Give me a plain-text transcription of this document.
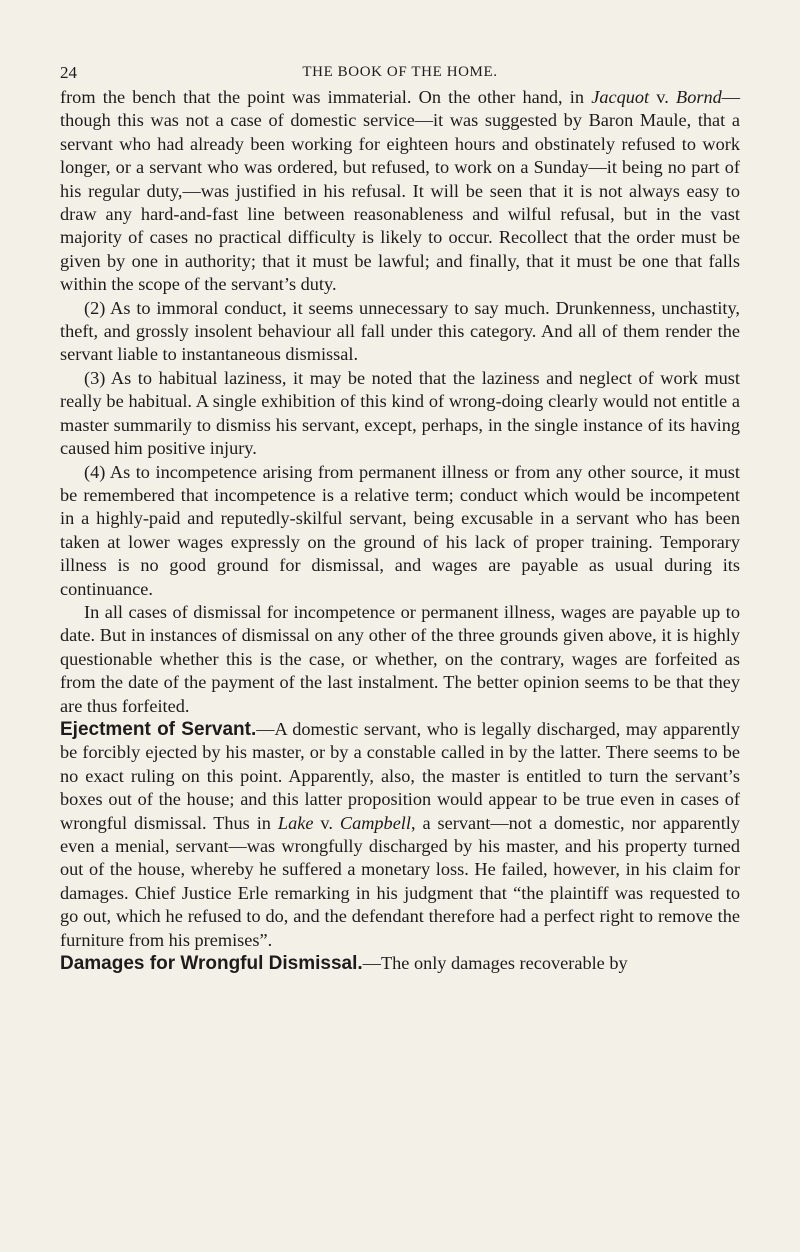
24	THE BOOK OF THE HOME.

from the bench that the point was immaterial. On the other hand, in Jacquot v. Bornd—though this was not a case of domestic service—it was suggested by Baron Maule, that a servant who had already been working for eighteen hours and obstinately refused to work longer, or a servant who was ordered, but refused, to work on a Sunday—it being no part of his regular duty,—was justified in his refusal. It will be seen that it is not always easy to draw any hard-and-fast line between reasonableness and wilful refusal, but in the vast majority of cases no practical difficulty is likely to occur. Recollect that the order must be given by one in authority; that it must be lawful; and finally, that it must be one that falls within the scope of the servant’s duty.

(2) As to immoral conduct, it seems unnecessary to say much. Drunkenness, unchastity, theft, and grossly insolent behaviour all fall under this category. And all of them render the servant liable to instantaneous dismissal.

(3) As to habitual laziness, it may be noted that the laziness and neglect of work must really be habitual. A single exhibition of this kind of wrong-doing clearly would not entitle a master summarily to dismiss his servant, except, perhaps, in the single instance of its having caused him positive injury.

(4) As to incompetence arising from permanent illness or from any other source, it must be remembered that incompetence is a relative term; conduct which would be incompetent in a highly-paid and reputedly-skilful servant, being excusable in a servant who has been taken at lower wages expressly on the ground of his lack of proper training. Temporary illness is no good ground for dismissal, and wages are payable as usual during its continuance.

In all cases of dismissal for incompetence or permanent illness, wages are payable up to date. But in instances of dismissal on any other of the three grounds given above, it is highly questionable whether this is the case, or whether, on the contrary, wages are forfeited as from the date of the payment of the last instalment. The better opinion seems to be that they are thus forfeited.

Ejectment of Servant.—A domestic servant, who is legally discharged, may apparently be forcibly ejected by his master, or by a constable called in by the latter. There seems to be no exact ruling on this point. Apparently, also, the master is entitled to turn the servant’s boxes out of the house; and this latter proposition would appear to be true even in cases of wrongful dismissal. Thus in Lake v. Campbell, a servant—not a domestic, nor apparently even a menial, servant—was wrongfully discharged by his master, and his property turned out of the house, whereby he suffered a monetary loss. He failed, however, in his claim for damages. Chief Justice Erle remarking in his judgment that “the plaintiff was requested to go out, which he refused to do, and the defendant therefore had a perfect right to remove the furniture from his premises”.

Damages for Wrongful Dismissal.—The only damages recoverable by
